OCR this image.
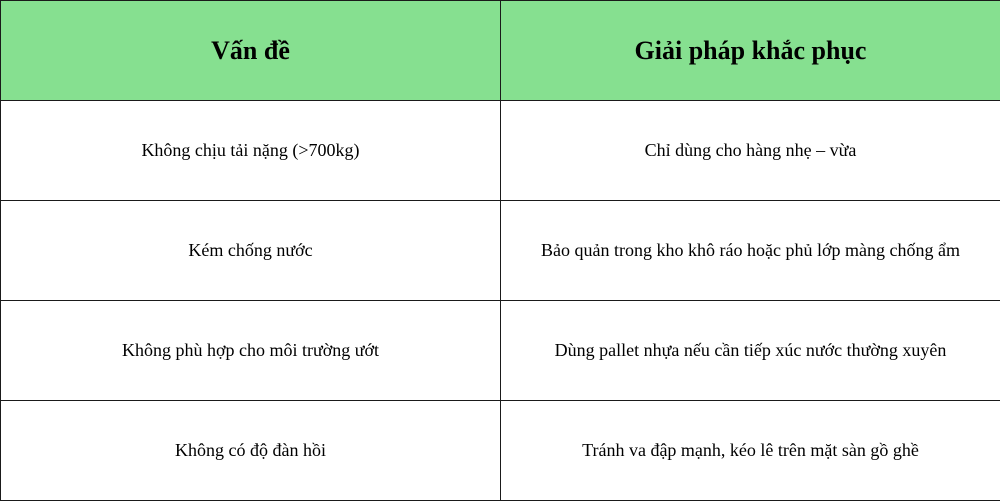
Vấn đề	Giải pháp khắc phục
Không chịu tải nặng (>700kg)	Chỉ dùng cho hàng nhẹ – vừa
Kém chống nước	Bảo quản trong kho khô ráo hoặc phủ lớp màng chống ẩm
Không phù hợp cho môi trường ướt	Dùng pallet nhựa nếu cần tiếp xúc nước thường xuyên
Không có độ đàn hồi	Tránh va đập mạnh, kéo lê trên mặt sàn gồ ghề
